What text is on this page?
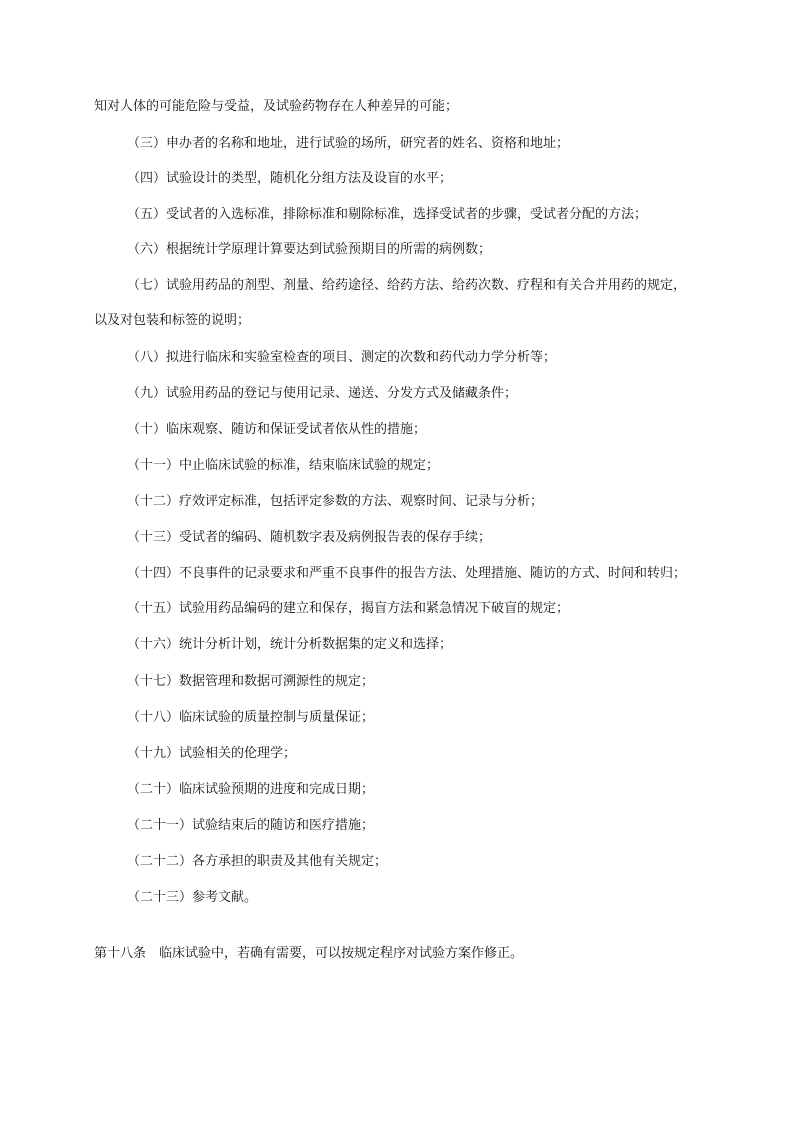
知对人体的可能危险与受益，及试验药物存在人种差异的可能；
（三）申办者的名称和地址，进行试验的场所，研究者的姓名、资格和地址；
（四）试验设计的类型，随机化分组方法及设盲的水平；
（五）受试者的入选标准，排除标准和剔除标准，选择受试者的步骤，受试者分配的方法；
（六）根据统计学原理计算要达到试验预期目的所需的病例数；
（七）试验用药品的剂型、剂量、给药途径、给药方法、给药次数、疗程和有关合并用药的规定，
以及对包装和标签的说明；
（八）拟进行临床和实验室检查的项目、测定的次数和药代动力学分析等；
（九）试验用药品的登记与使用记录、递送、分发方式及储藏条件；
（十）临床观察、随访和保证受试者依从性的措施；
（十一）中止临床试验的标准，结束临床试验的规定；
（十二）疗效评定标准，包括评定参数的方法、观察时间、记录与分析；
（十三）受试者的编码、随机数字表及病例报告表的保存手续；
（十四）不良事件的记录要求和严重不良事件的报告方法、处理措施、随访的方式、时间和转归；
（十五）试验用药品编码的建立和保存，揭盲方法和紧急情况下破盲的规定；
（十六）统计分析计划，统计分析数据集的定义和选择；
（十七）数据管理和数据可溯源性的规定；
（十八）临床试验的质量控制与质量保证；
（十九）试验相关的伦理学；
（二十）临床试验预期的进度和完成日期；
（二十一）试验结束后的随访和医疗措施；
（二十二）各方承担的职责及其他有关规定；
（二十三）参考文献。
第十八条　临床试验中，若确有需要，可以按规定程序对试验方案作修正。
